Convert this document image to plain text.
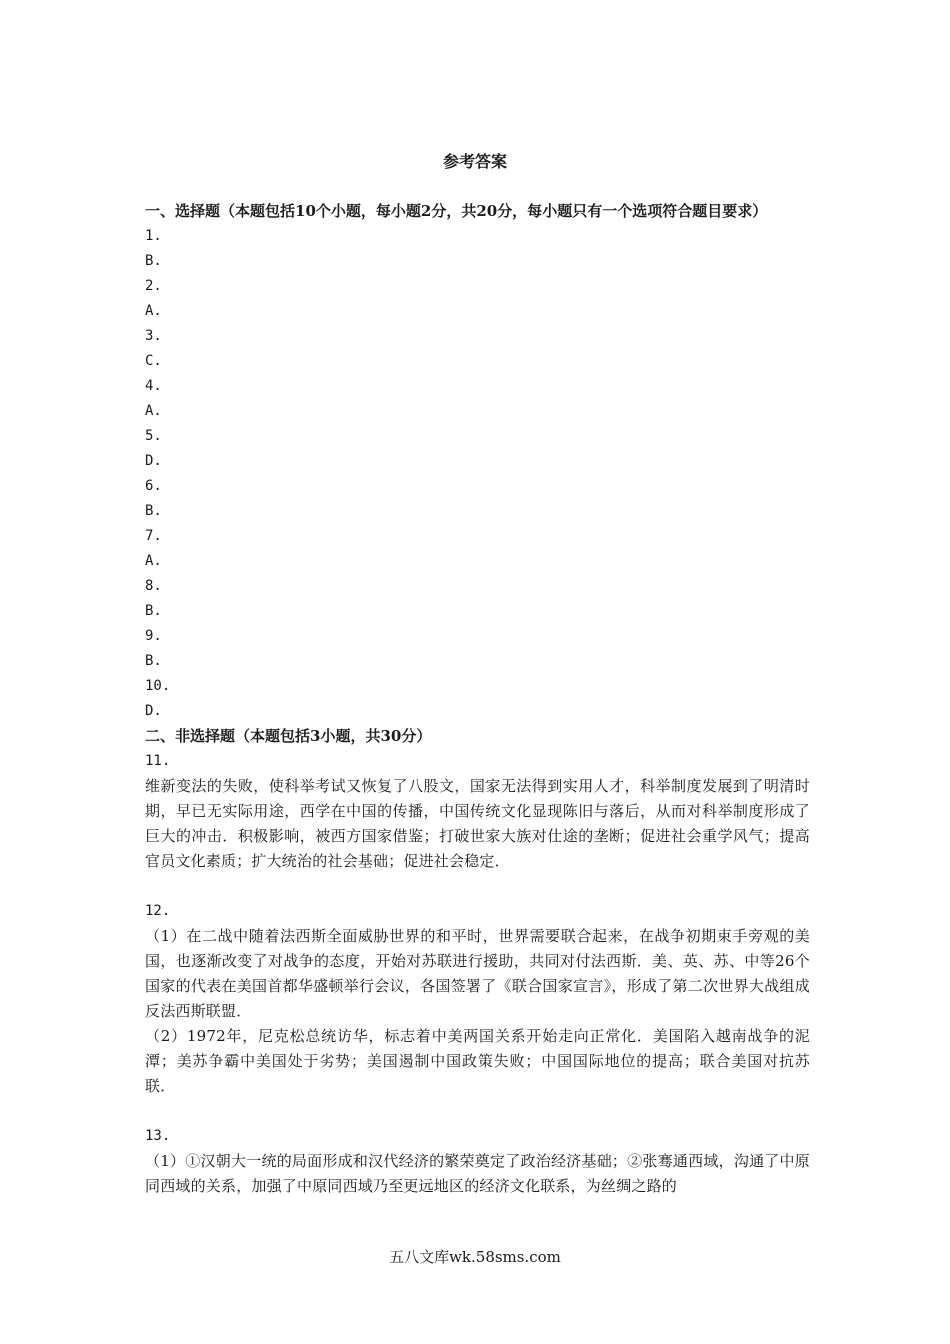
参考答案

一、选择题（本题包括10个小题，每小题2分，共20分，每小题只有一个选项符合题目要求）

1.

B.

2.

A.

3.

C.

4.

A.

5.

D.

6.

B.

7.

A.

8.

B.

9.

B.

10.

D.

二、非选择题（本题包括3小题，共30分）

11.

维新变法的失败，使科举考试又恢复了八股文，国家无法得到实用人才，科举制度发展到了明清时期，早已无实际用途，西学在中国的传播，中国传统文化显现陈旧与落后，从而对科举制度形成了巨大的冲击．积极影响，被西方国家借鉴；打破世家大族对仕途的垄断；促进社会重学风气；提高官员文化素质；扩大统治的社会基础；促进社会稳定．

12.

（1）在二战中随着法西斯全面威胁世界的和平时，世界需要联合起来，在战争初期束手旁观的美国，也逐渐改变了对战争的态度，开始对苏联进行援助，共同对付法西斯．美、英、苏、中等26个国家的代表在美国首都华盛顿举行会议，各国签署了《联合国家宣言》，形成了第二次世界大战组成反法西斯联盟．

（2）1972年，尼克松总统访华，标志着中美两国关系开始走向正常化．美国陷入越南战争的泥潭；美苏争霸中美国处于劣势；美国遏制中国政策失败；中国国际地位的提高；联合美国对抗苏联．

13.

（1）①汉朝大一统的局面形成和汉代经济的繁荣奠定了政治经济基础；②张骞通西域，沟通了中原同西域的关系，加强了中原同西域乃至更远地区的经济文化联系，为丝绸之路的

五八文库wk.58sms.com
